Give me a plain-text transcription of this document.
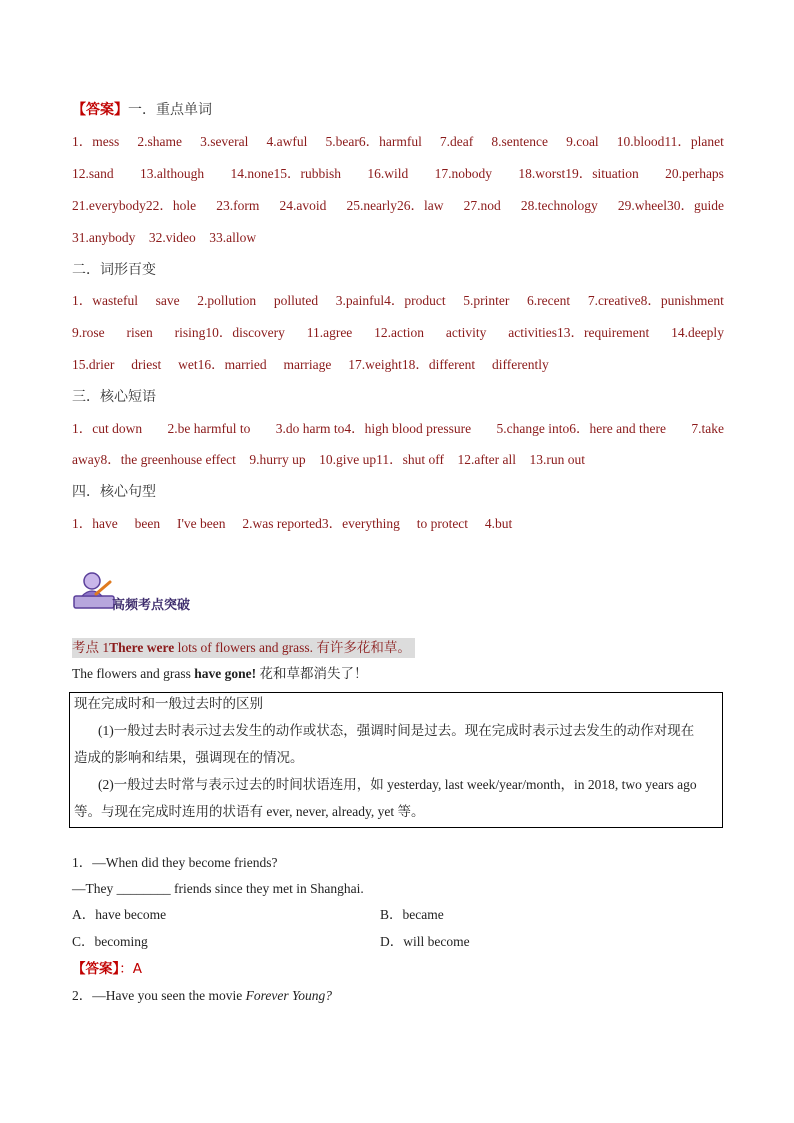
【答案】一．重点单词
1．mess 2.shame 3.several 4.awful 5.bear6．harmful 7.deaf 8.sentence 9.coal 10.blood11．planet
12.sand 13.although 14.none15．rubbish 16.wild 17.nobody 18.worst19．situation 20.perhaps
21.everybody22．hole 23.form 24.avoid 25.nearly26．law 27.nod 28.technology 29.wheel30．guide
31.anybody　32.video　33.allow
二．词形百变
1．wasteful save 2.pollution polluted 3.painful4．product 5.printer 6.recent 7.creative8．punishment
9.rose risen rising10．discovery 11.agree 12.action activity activities13．requirement 14.deeply
15.drier　 driest　 wet16．married　 marriage　 17.weight18．different　 differently
三．核心短语
1．cut down 2.be harmful to 3.do harm to4．high blood pressure 5.change into6．here and there 7.take
away8．the greenhouse effect　9.hurry up　10.give up11．shut off　12.after all　13.run out
四．核心句型
1．have　 been　 I've been　 2.was reported3．everything　 to protect　 4.but
高频考点突破
考点 1There were lots of flowers and grass. 有许多花和草。
The flowers and grass have gone! 花和草都消失了！
现在完成时和一般过去时的区别
(1)一般过去时表示过去发生的动作或状态，强调时间是过去。现在完成时表示过去发生的动作对现在
造成的影响和结果，强调现在的情况。
(2)一般过去时常与表示过去的时间状语连用，如 yesterday, last week/year/month，in 2018, two years ago
等。与现在完成时连用的状语有 ever, never, already, yet 等。
1．—When did they become friends?
—They ________ friends since they met in Shanghai.
A．have become	B．became
C．becoming	D．will become
【答案】：A
2．—Have you seen the movie Forever Young?
